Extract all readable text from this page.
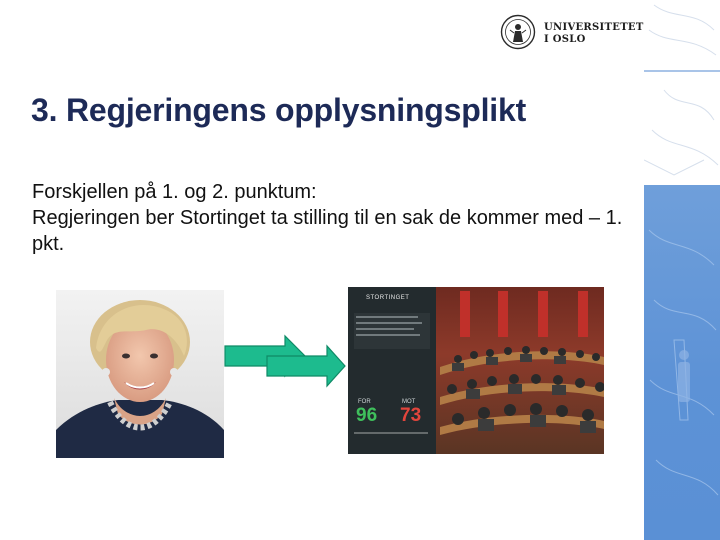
UNIVERSITETET
I OSLO
3. Regjeringens opplysningsplikt

Forskjellen på 1. og 2. punktum:

Regjeringen ber Stortinget ta stilling til en sak de kommer med – 1. pkt.

STORTINGET
FOR
96
MOT
73
